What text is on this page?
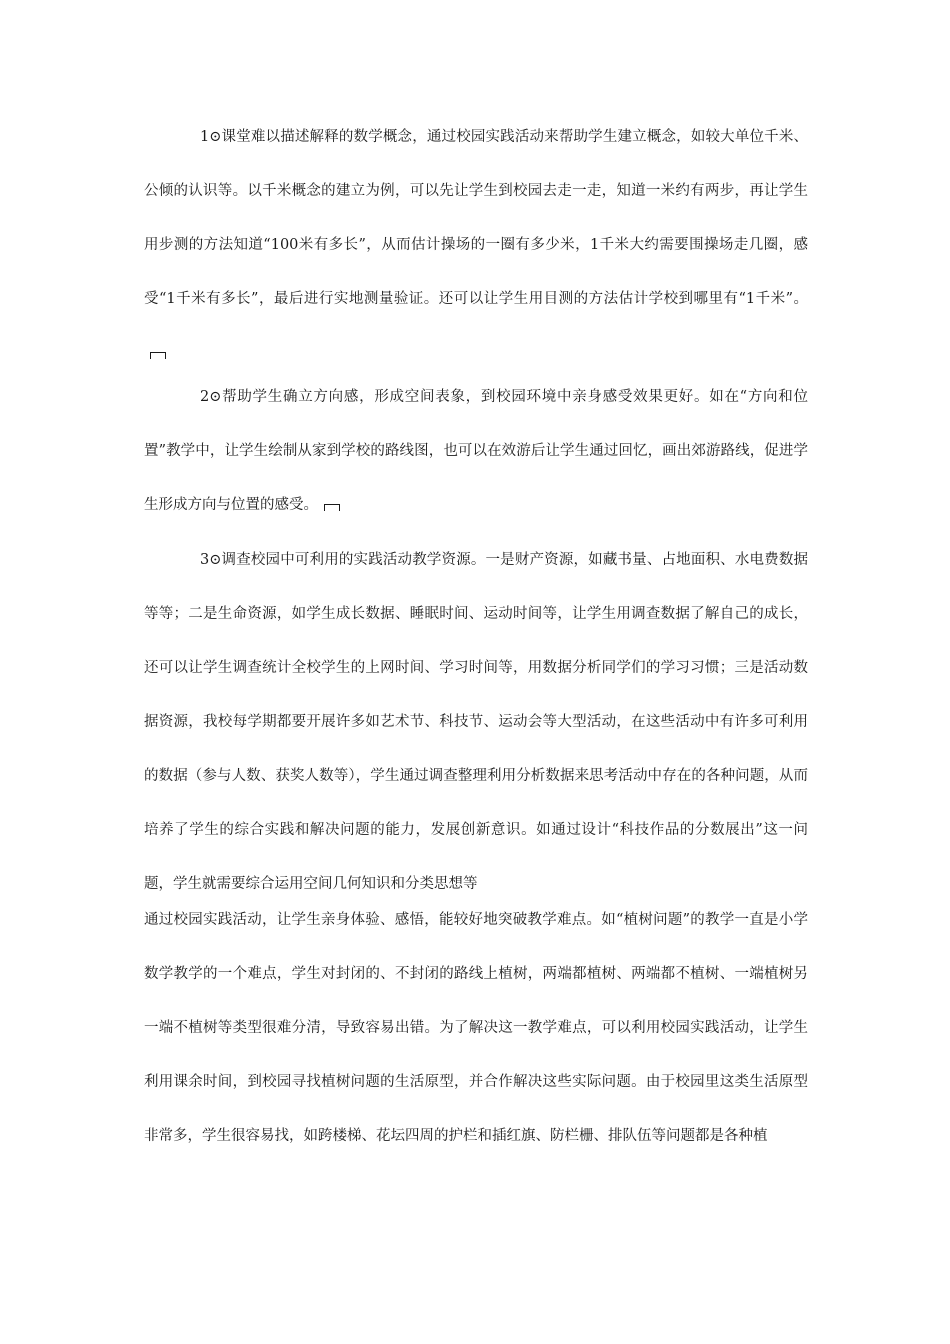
1⊙课堂难以描述解释的数学概念，通过校园实践活动来帮助学生建立概念，如较大单位千米、公倾的认识等。以千米概念的建立为例，可以先让学生到校园去走一走，知道一米约有两步，再让学生用步测的方法知道“100米有多长”，从而估计操场的一圈有多少米，1千米大约需要围操场走几圈，感受“1千米有多长”，最后进行实地测量验证。还可以让学生用目测的方法估计学校到哪里有“1千米”。

2⊙帮助学生确立方向感，形成空间表象，到校园环境中亲身感受效果更好。如在“方向和位置”教学中，让学生绘制从家到学校的路线图，也可以在效游后让学生通过回忆，画出郊游路线，促进学生形成方向与位置的感受。

3⊙调查校园中可利用的实践活动教学资源。一是财产资源，如藏书量、占地面积、水电费数据等等；二是生命资源，如学生成长数据、睡眠时间、运动时间等，让学生用调查数据了解自己的成长，还可以让学生调查统计全校学生的上网时间、学习时间等，用数据分析同学们的学习习惯；三是活动数据资源，我校每学期都要开展许多如艺术节、科技节、运动会等大型活动，在这些活动中有许多可利用的数据（参与人数、获奖人数等），学生通过调查整理利用分析数据来思考活动中存在的各种问题，从而培养了学生的综合实践和解决问题的能力，发展创新意识。如通过设计“科技作品的分数展出”这一问题，学生就需要综合运用空间几何知识和分类思想等

通过校园实践活动，让学生亲身体验、感悟，能较好地突破教学难点。如“植树问题”的教学一直是小学数学教学的一个难点，学生对封闭的、不封闭的路线上植树，两端都植树、两端都不植树、一端植树另一端不植树等类型很难分清，导致容易出错。为了解决这一教学难点，可以利用校园实践活动，让学生利用课余时间，到校园寻找植树问题的生活原型，并合作解决这些实际问题。由于校园里这类生活原型非常多，学生很容易找，如跨楼梯、花坛四周的护栏和插红旗、防栏栅、排队伍等问题都是各种植
